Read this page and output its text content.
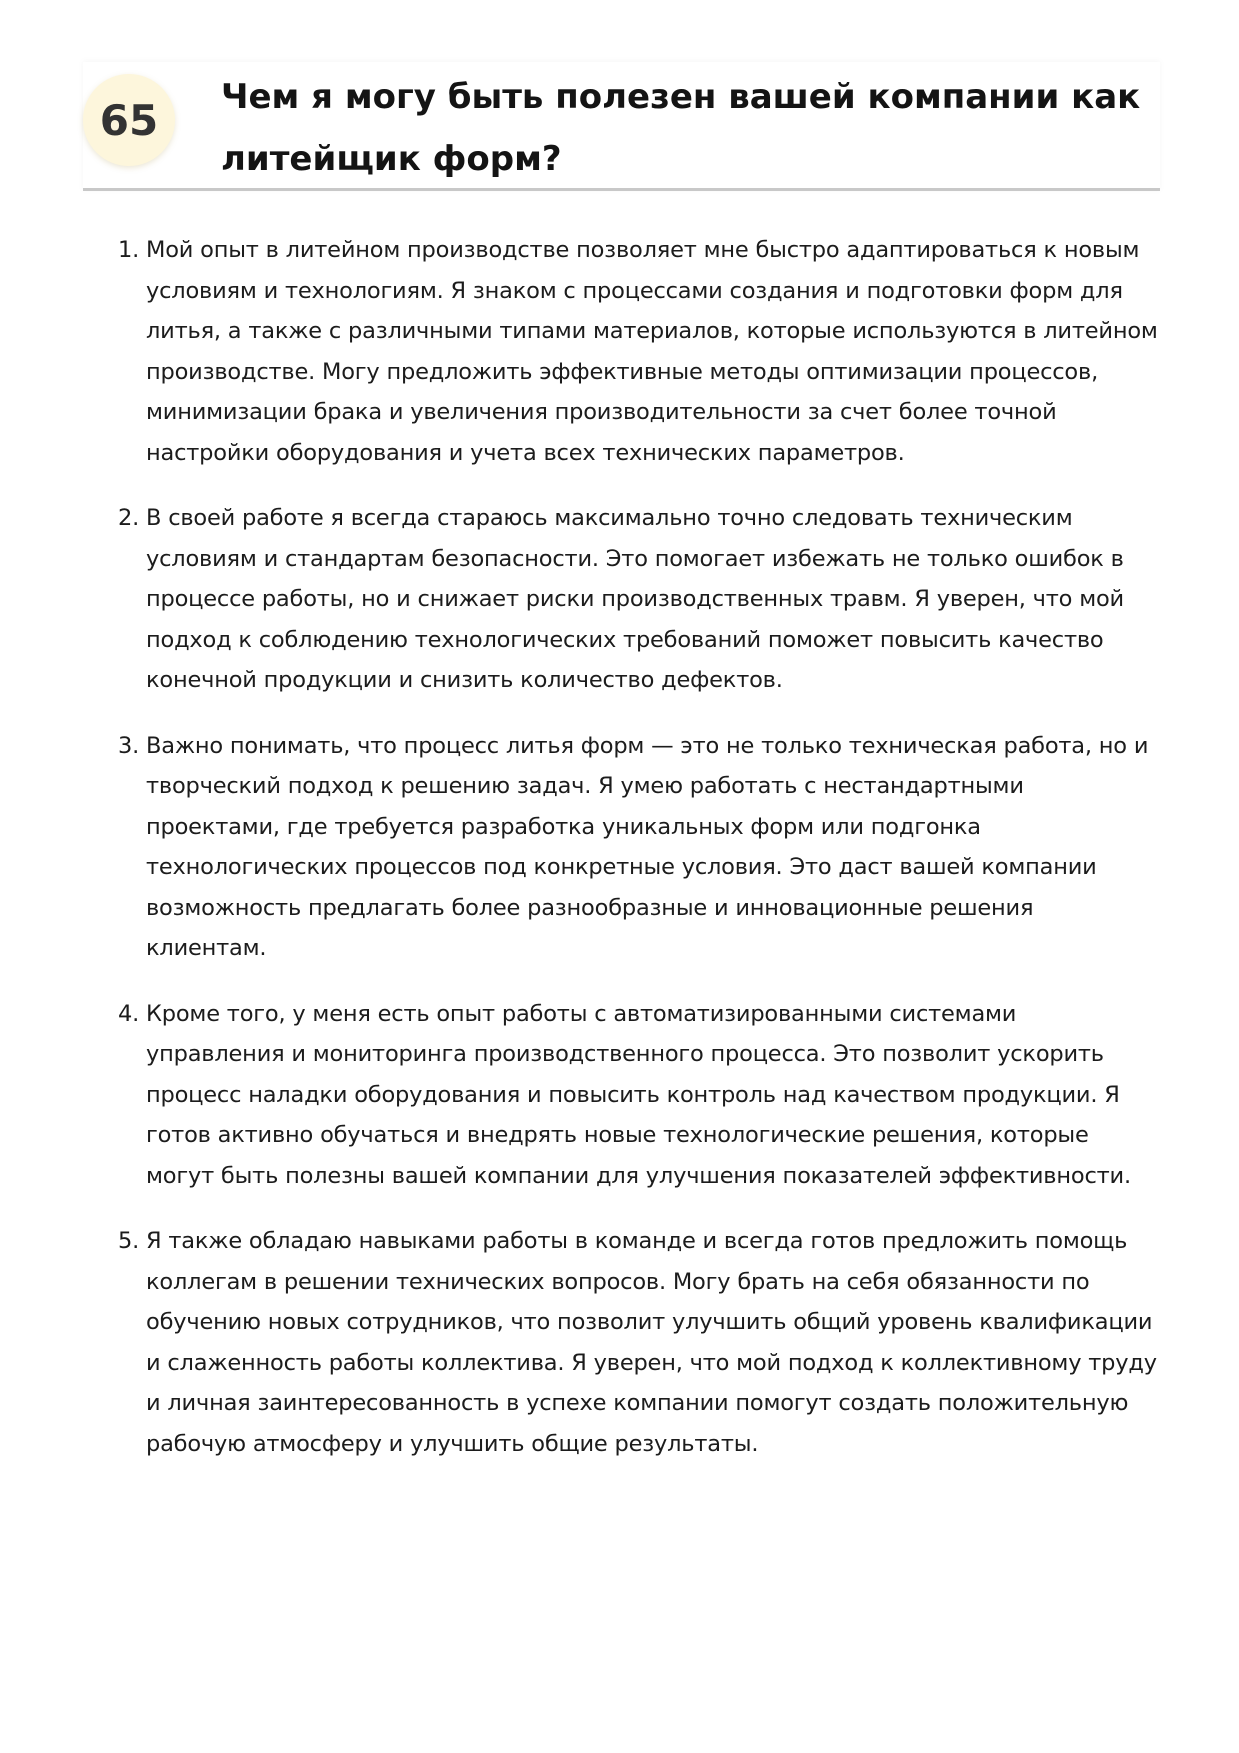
65	Чем я могу быть полезен вашей компании как литейщик форм?
1. Мой опыт в литейном производстве позволяет мне быстро адаптироваться к новым условиям и технологиям. Я знаком с процессами создания и подготовки форм для литья, а также с различными типами материалов, которые используются в литейном производстве. Могу предложить эффективные методы оптимизации процессов, минимизации брака и увеличения производительности за счет более точной настройки оборудования и учета всех технических параметров.
2. В своей работе я всегда стараюсь максимально точно следовать техническим условиям и стандартам безопасности. Это помогает избежать не только ошибок в процессе работы, но и снижает риски производственных травм. Я уверен, что мой подход к соблюдению технологических требований поможет повысить качество конечной продукции и снизить количество дефектов.
3. Важно понимать, что процесс литья форм — это не только техническая работа, но и творческий подход к решению задач. Я умею работать с нестандартными проектами, где требуется разработка уникальных форм или подгонка технологических процессов под конкретные условия. Это даст вашей компании возможность предлагать более разнообразные и инновационные решения клиентам.
4. Кроме того, у меня есть опыт работы с автоматизированными системами управления и мониторинга производственного процесса. Это позволит ускорить процесс наладки оборудования и повысить контроль над качеством продукции. Я готов активно обучаться и внедрять новые технологические решения, которые могут быть полезны вашей компании для улучшения показателей эффективности.
5. Я также обладаю навыками работы в команде и всегда готов предложить помощь коллегам в решении технических вопросов. Могу брать на себя обязанности по обучению новых сотрудников, что позволит улучшить общий уровень квалификации и слаженность работы коллектива. Я уверен, что мой подход к коллективному труду и личная заинтересованность в успехе компании помогут создать положительную рабочую атмосферу и улучшить общие результаты.
